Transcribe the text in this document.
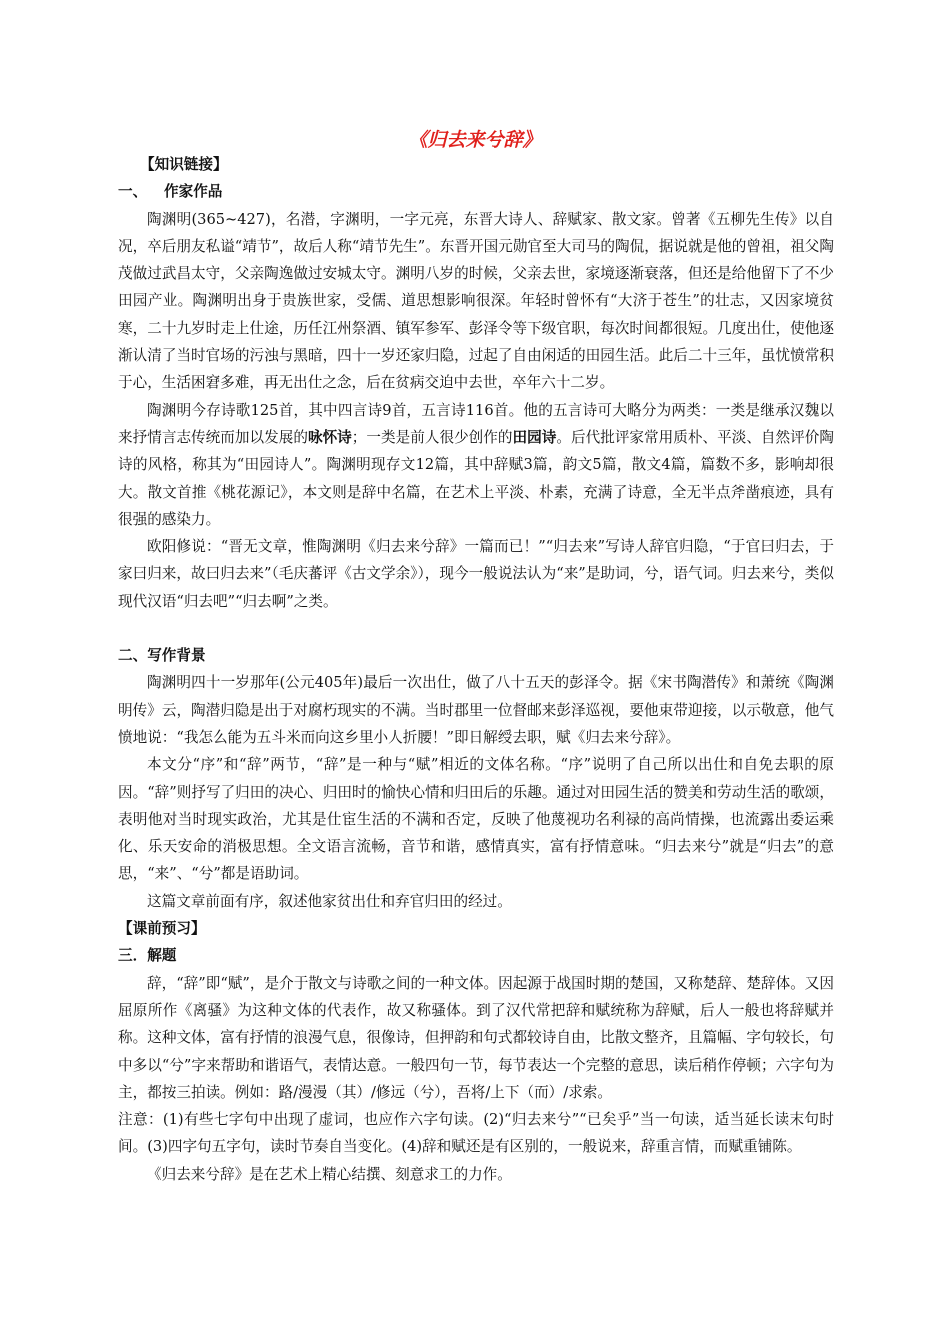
《归去来兮辞》
【知识链接】
一、 作家作品

陶渊明(365~427)，名潜，字渊明，一字元亮，东晋大诗人、辞赋家、散文家。曾著《五柳先生传》以自况，卒后朋友私谥“靖节”，故后人称“靖节先生”。东晋开国元勋官至大司马的陶侃，据说就是他的曾祖，祖父陶茂做过武昌太守，父亲陶逸做过安城太守。渊明八岁的时候，父亲去世，家境逐渐衰落，但还是给他留下了不少田园产业。陶渊明出身于贵族世家，受儒、道思想影响很深。年轻时曾怀有“大济于苍生”的壮志，又因家境贫寒，二十九岁时走上仕途，历任江州祭酒、镇军参军、彭泽令等下级官职，每次时间都很短。几度出仕，使他逐渐认清了当时官场的污浊与黑暗，四十一岁还家归隐，过起了自由闲适的田园生活。此后二十三年，虽忧愤常积于心，生活困窘多难，再无出仕之念，后在贫病交迫中去世，卒年六十二岁。

陶渊明今存诗歌125首，其中四言诗9首，五言诗116首。他的五言诗可大略分为两类：一类是继承汉魏以来抒情言志传统而加以发展的咏怀诗；一类是前人很少创作的田园诗。后代批评家常用质朴、平淡、自然评价陶诗的风格，称其为“田园诗人”。陶渊明现存文12篇，其中辞赋3篇，韵文5篇，散文4篇，篇数不多，影响却很大。散文首推《桃花源记》，本文则是辞中名篇，在艺术上平淡、朴素，充满了诗意，全无半点斧凿痕迹，具有很强的感染力。

欧阳修说：“晋无文章，惟陶渊明《归去来兮辞》一篇而已！”“归去来”写诗人辞官归隐，“于官曰归去，于家曰归来，故曰归去来”（毛庆蕃评《古文学余》），现今一般说法认为“来”是助词，兮，语气词。归去来兮，类似现代汉语“归去吧”“归去啊”之类。

二、写作背景

陶渊明四十一岁那年(公元405年)最后一次出仕，做了八十五天的彭泽令。据《宋书陶潜传》和萧统《陶渊明传》云，陶潜归隐是出于对腐朽现实的不满。当时郡里一位督邮来彭泽巡视，要他束带迎接，以示敬意，他气愤地说：“我怎么能为五斗米而向这乡里小人折腰！”即日解绶去职，赋《归去来兮辞》。

本文分“序”和“辞”两节，“辞”是一种与“赋”相近的文体名称。“序”说明了自己所以出仕和自免去职的原因。“辞”则抒写了归田的决心、归田时的愉快心情和归田后的乐趣。通过对田园生活的赞美和劳动生活的歌颂，表明他对当时现实政治，尤其是仕宦生活的不满和否定，反映了他蔑视功名利禄的高尚情操，也流露出委运乘化、乐天安命的消极思想。全文语言流畅，音节和谐，感情真实，富有抒情意味。“归去来兮”就是“归去”的意思，“来”、“兮”都是语助词。

这篇文章前面有序，叙述他家贫出仕和弃官归田的经过。

【课前预习】
三．解题

辞，“辞”即“赋”，是介于散文与诗歌之间的一种文体。因起源于战国时期的楚国，又称楚辞、楚辞体。又因屈原所作《离骚》为这种文体的代表作，故又称骚体。到了汉代常把辞和赋统称为辞赋，后人一般也将辞赋并称。这种文体，富有抒情的浪漫气息，很像诗，但押韵和句式都较诗自由，比散文整齐，且篇幅、字句较长，句中多以“兮”字来帮助和谐语气，表情达意。一般四句一节，每节表达一个完整的意思，读后稍作停顿；六字句为主，都按三拍读。例如：路/漫漫（其）/修远（兮），吾将/上下（而）/求索。

注意：(1)有些七字句中出现了虚词，也应作六字句读。(2)“归去来兮”“已矣乎”当一句读，适当延长读末句时间。(3)四字句五字句，读时节奏自当变化。(4)辞和赋还是有区别的，一般说来，辞重言情，而赋重铺陈。

《归去来兮辞》是在艺术上精心结撰、刻意求工的力作。
